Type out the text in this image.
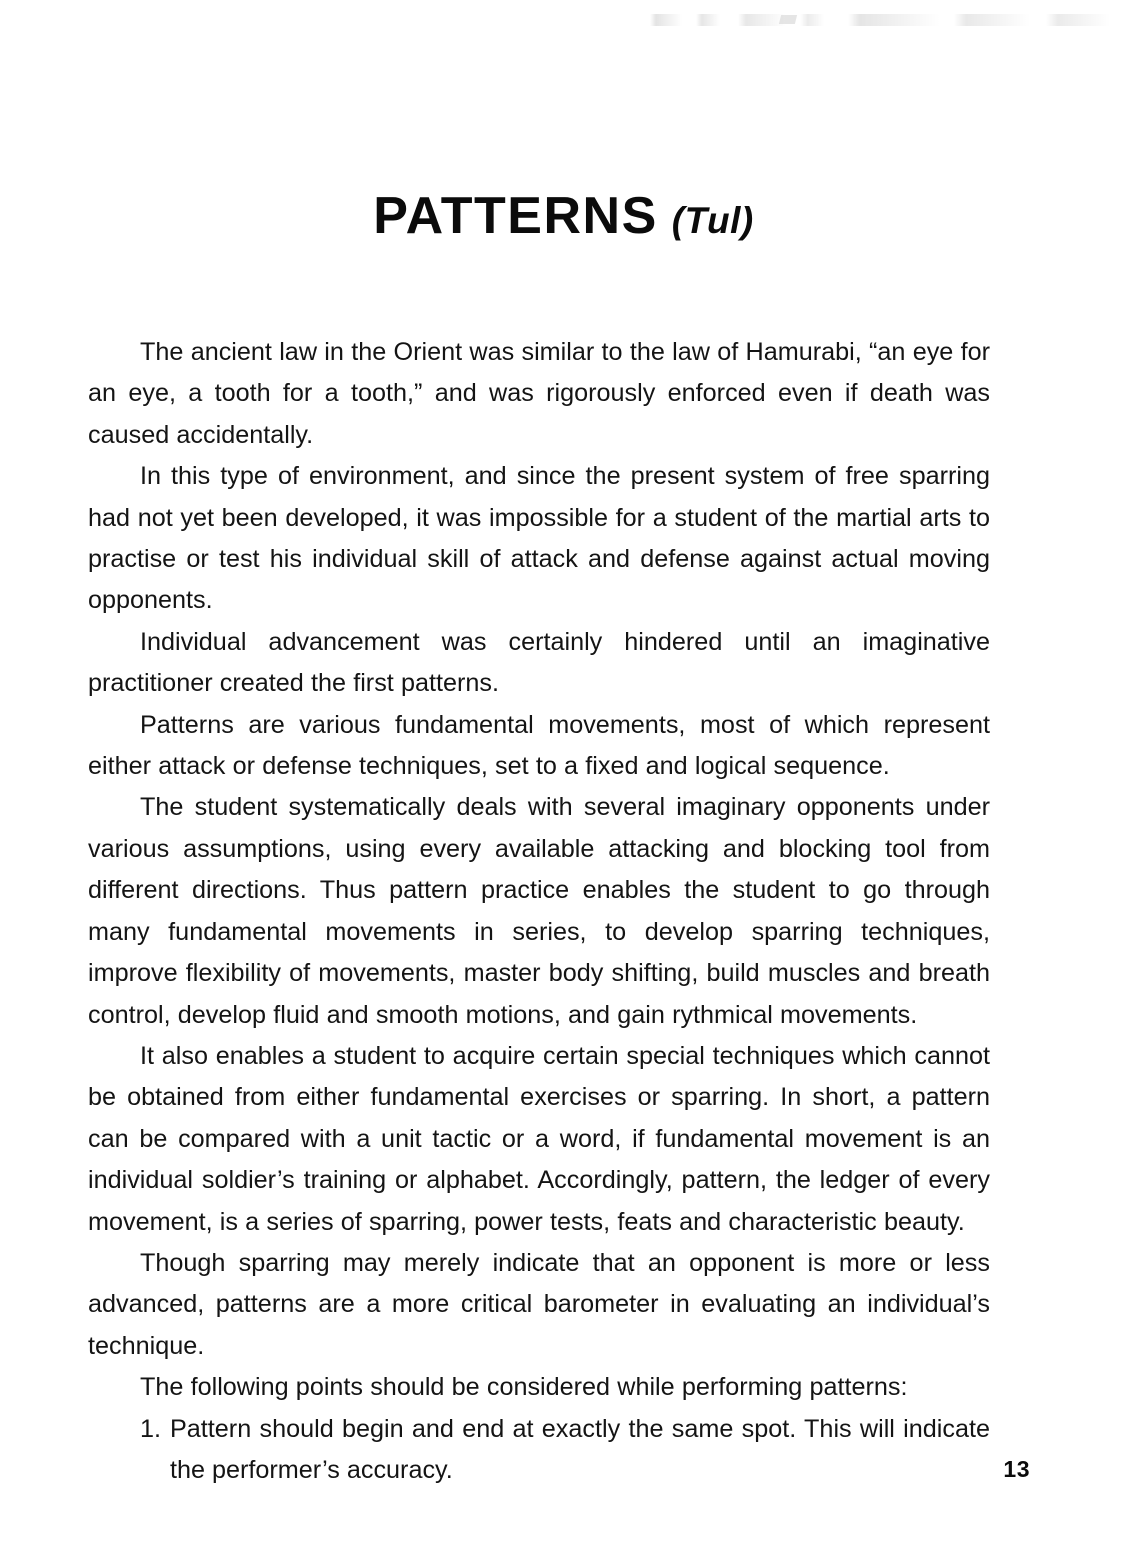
PATTERNS (Tul)

The ancient law in the Orient was similar to the law of Hamurabi, “an eye for an eye, a tooth for a tooth,” and was rigorously enforced even if death was caused accidentally.

In this type of environment, and since the present system of free sparring had not yet been developed, it was impossible for a student of the martial arts to practise or test his individual skill of attack and defense against actual moving opponents.

Individual advancement was certainly hindered until an imaginative practitioner created the first patterns.

Patterns are various fundamental movements, most of which represent either attack or defense techniques, set to a fixed and logical sequence.

The student systematically deals with several imaginary opponents under various assumptions, using every available attacking and blocking tool from different directions. Thus pattern practice enables the student to go through many fundamental movements in series, to develop sparring techniques, improve flexibility of movements, master body shifting, build muscles and breath control, develop fluid and smooth motions, and gain rythmical movements.

It also enables a student to acquire certain special techniques which cannot be obtained from either fundamental exercises or sparring. In short, a pattern can be compared with a unit tactic or a word, if fundamental movement is an individual soldier’s training or alphabet. Accordingly, pattern, the ledger of every movement, is a series of sparring, power tests, feats and characteristic beauty.

Though sparring may merely indicate that an opponent is more or less advanced, patterns are a more critical barometer in evaluating an individual’s technique.

The following points should be considered while performing patterns:

1. Pattern should begin and end at exactly the same spot. This will indicate the performer’s accuracy.	13
